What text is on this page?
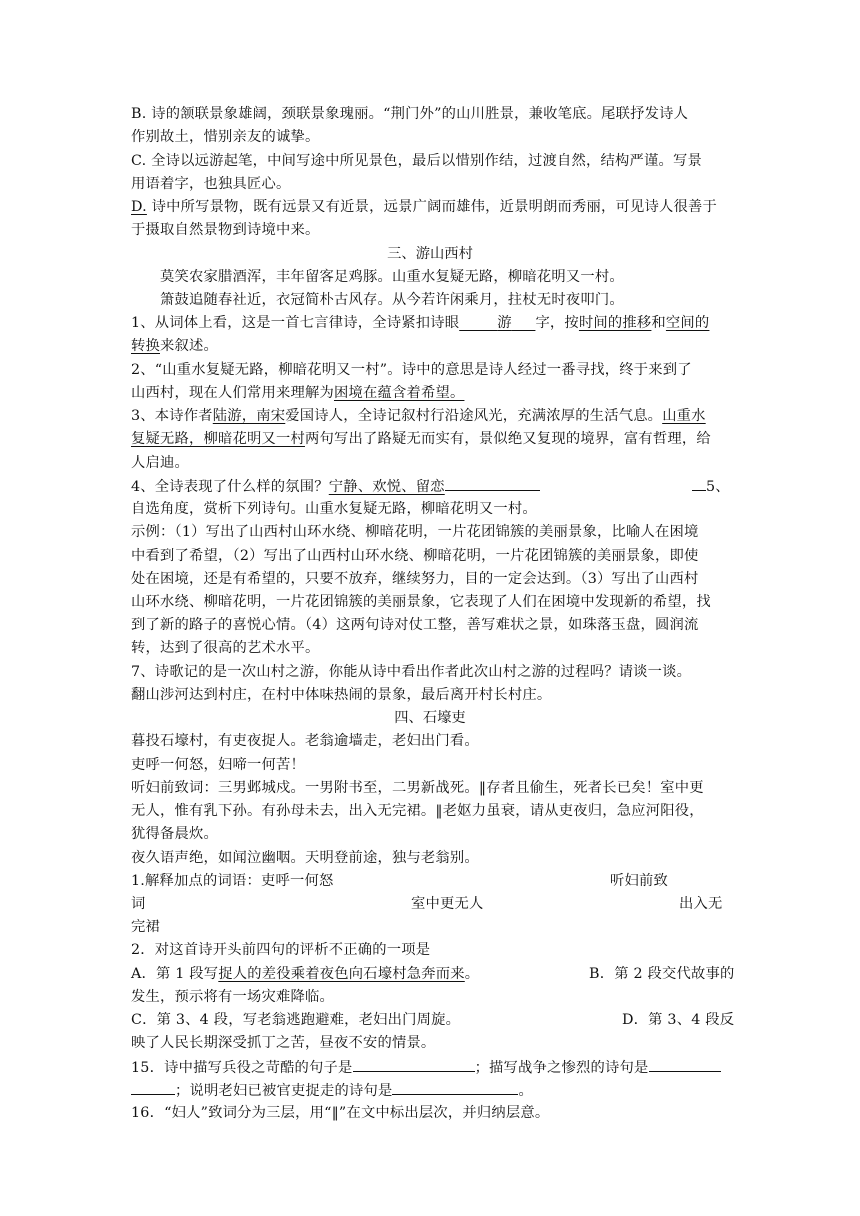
B. 诗的颔联景象雄阔，颈联景象瑰丽。“荆门外”的山川胜景，兼收笔底。尾联抒发诗人
作别故土，惜别亲友的诚挚。
C. 全诗以远游起笔，中间写途中所见景色，最后以惜别作结，过渡自然，结构严谨。写景
用语着字，也独具匠心。
D. 诗中所写景物，既有远景又有近景，远景广阔而雄伟，近景明朗而秀丽，可见诗人很善于
于摄取自然景物到诗境中来。
三、游山西村
莫笑农家腊酒浑，丰年留客足鸡豚。山重水复疑无路，柳暗花明又一村。
箫鼓追随春社近，衣冠简朴古风存。从今若许闲乘月，拄杖无时夜叩门。
1、从词体上看，这是一首七言律诗，全诗紧扣诗眼	游 字，按时间的推移和空间的
转换来叙述。
2、“山重水复疑无路，柳暗花明又一村”。诗中的意思是诗人经过一番寻找，终于来到了
山西村，现在人们常用来理解为困境在蕴含着希望。
3、本诗作者陆游，南宋爱国诗人，全诗记叙村行沿途风光，充满浓厚的生活气息。山重水
复疑无路，柳暗花明又一村两句写出了路疑无而实有，景似绝又复现的境界，富有哲理，给
人启迪。
4、全诗表现了什么样的氛围？宁静、欢悦、留恋	5、
自选角度，赏析下列诗句。山重水复疑无路，柳暗花明又一村。
示例：（1）写出了山西村山环水绕、柳暗花明，一片花团锦簇的美丽景象，比喻人在困境
中看到了希望，（2）写出了山西村山环水绕、柳暗花明，一片花团锦簇的美丽景象，即使
处在困境，还是有希望的，只要不放弃，继续努力，目的一定会达到。（3）写出了山西村
山环水绕、柳暗花明，一片花团锦簇的美丽景象，它表现了人们在困境中发现新的希望，找
到了新的路子的喜悦心情。（4）这两句诗对仗工整，善写难状之景，如珠落玉盘，圆润流
转，达到了很高的艺术水平。
7、诗歌记的是一次山村之游，你能从诗中看出作者此次山村之游的过程吗？请谈一谈。
翻山涉河达到村庄，在村中体味热闹的景象，最后离开村长村庄。
四、石壕吏
暮投石壕村，有吏夜捉人。老翁逾墙走，老妇出门看。
吏呼一何怒，妇啼一何苦！
听妇前致词：三男邺城戍。一男附书至，二男新战死。‖存者且偷生，死者长已矣！室中更
无人，惟有乳下孙。有孙母未去，出入无完裙。‖老妪力虽衰，请从吏夜归，急应河阳役，
犹得备晨炊。
夜久语声绝，如闻泣幽咽。天明登前途，独与老翁别。
1.解释加点的词语：吏呼一何怒	听妇前致
词	室中更无人	出入无
完裙
2．对这首诗开头前四句的评析不正确的一项是
A．第 1 段写捉人的差役乘着夜色向石壕村急奔而来。	B．第 2 段交代故事的
发生，预示将有一场灾难降临。
C．第 3、4 段，写老翁逃跑避难，老妇出门周旋。	D．第 3、4 段反
映了人民长期深受抓丁之苦，昼夜不安的情景。
15．诗中描写兵役之苛酷的句子是	；描写战争之惨烈的诗句是
；说明老妇已被官吏捉走的诗句是	。
16．“妇人”致词分为三层，用“‖”在文中标出层次，并归纳层意。
